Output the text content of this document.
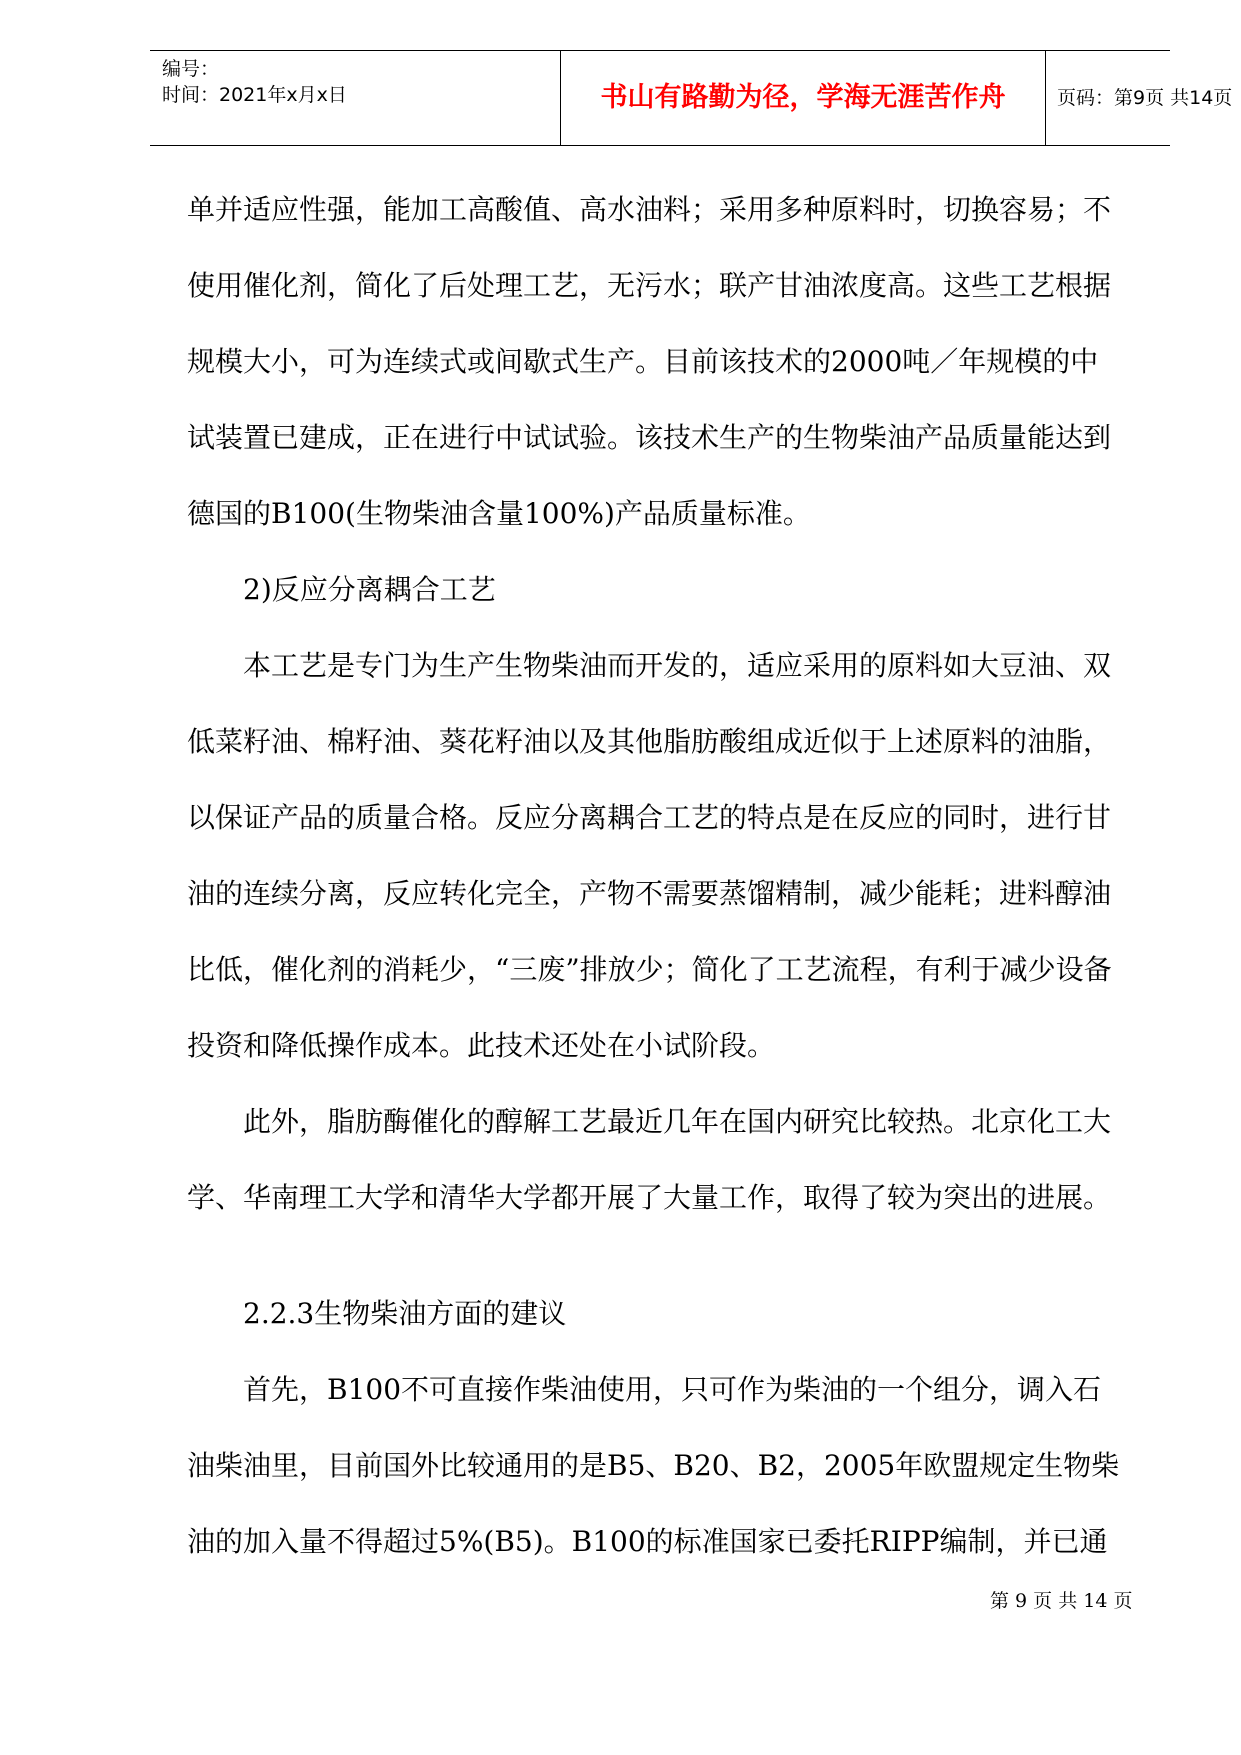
编号：
时间：2021年x月x日	书山有路勤为径，学海无涯苦作舟	页码：第9页 共14页
单并适应性强，能加工高酸值、高水油料；采用多种原料时，切换容易；不
使用催化剂，简化了后处理工艺，无污水；联产甘油浓度高。这些工艺根据
规模大小，可为连续式或间歇式生产。目前该技术的2000吨／年规模的中
试装置已建成，正在进行中试试验。该技术生产的生物柴油产品质量能达到
德国的B100(生物柴油含量100%)产品质量标准。
2)反应分离耦合工艺
本工艺是专门为生产生物柴油而开发的，适应采用的原料如大豆油、双
低菜籽油、棉籽油、葵花籽油以及其他脂肪酸组成近似于上述原料的油脂，
以保证产品的质量合格。反应分离耦合工艺的特点是在反应的同时，进行甘
油的连续分离，反应转化完全，产物不需要蒸馏精制，减少能耗；进料醇油
比低，催化剂的消耗少，“三废”排放少；简化了工艺流程，有利于减少设备
投资和降低操作成本。此技术还处在小试阶段。
此外，脂肪酶催化的醇解工艺最近几年在国内研究比较热。北京化工大
学、华南理工大学和清华大学都开展了大量工作，取得了较为突出的进展。
2.2.3生物柴油方面的建议
首先，B100不可直接作柴油使用，只可作为柴油的一个组分，调入石
油柴油里，目前国外比较通用的是B5、B20、B2，2005年欧盟规定生物柴
油的加入量不得超过5%(B5)。B100的标准国家已委托RIPP编制，并已通
第 9 页 共 14 页
